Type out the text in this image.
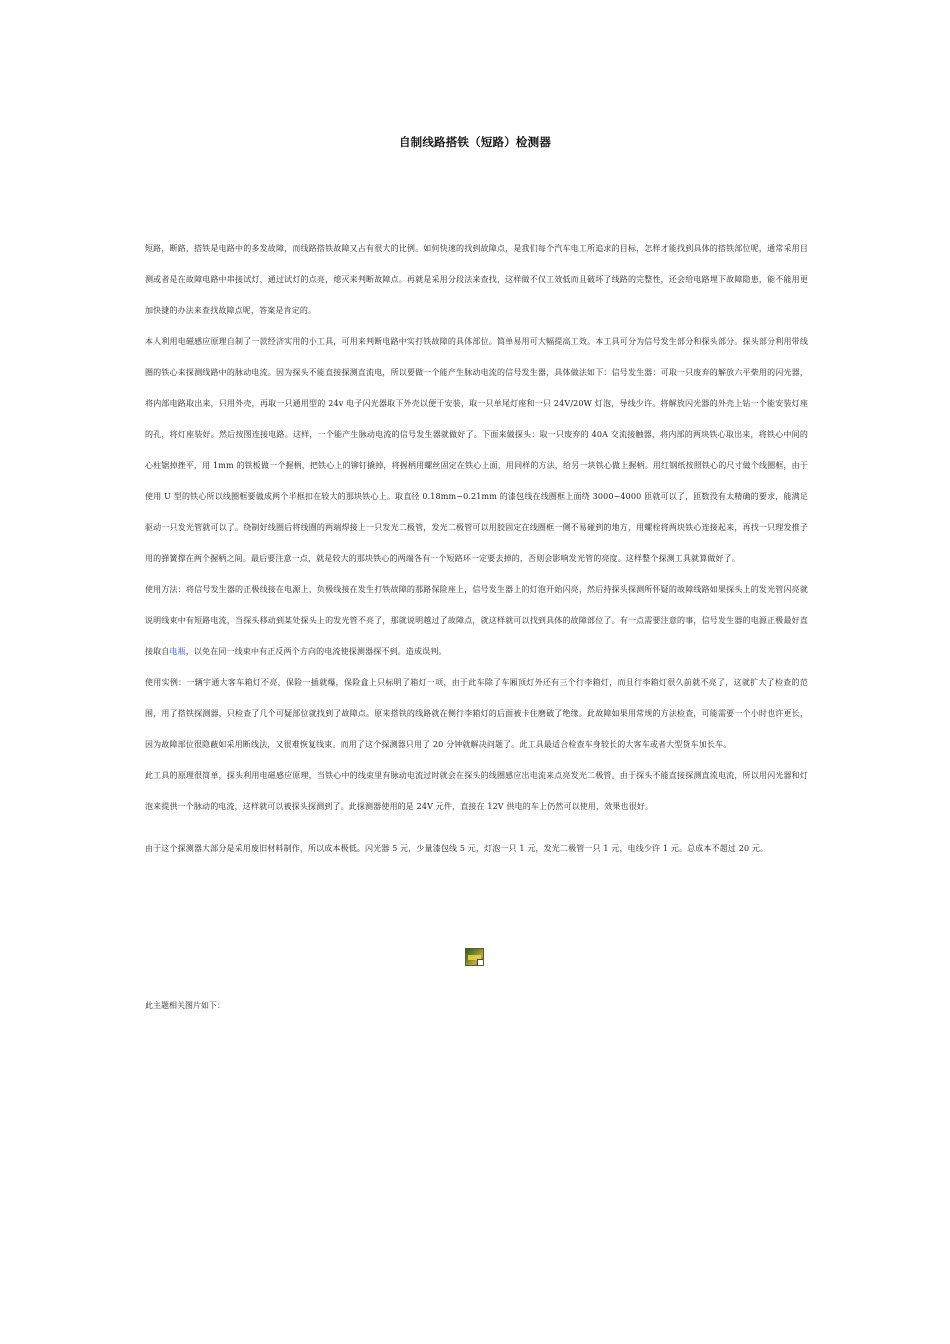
自制线路搭铁（短路）检测器

短路，断路，搭铁是电路中的多发故障，而线路搭铁故障又占有很大的比例。如何快速的找到故障点，是我们每个汽车电工所追求的目标，怎样才能找到具体的搭铁部位呢，通常采用目测或者是在故障电路中串接试灯，通过试灯的点亮，熄灭来判断故障点。再就是采用分段法来查找，这样做不仅工效低而且破坏了线路的完整性，还会给电路埋下故障隐患，能不能用更加快捷的办法来查找故障点呢，答案是肯定的。

本人利用电磁感应原理自制了一款经济实用的小工具，可用来判断电路中实打铁故障的具体部位。简单易用可大幅提高工效。本工具可分为信号发生部分和探头部分。探头部分利用带线圈的铁心来探测线路中的脉动电流。因为探头不能直接探测直流电，所以要做一个能产生脉动电流的信号发生器，具体做法如下：信号发生器：可取一只废弃的解放六平柴用的闪光器，将内部电路取出来，只用外壳，再取一只通用型的 24v 电子闪光器取下外壳以便于安装，取一只单尾灯座和一只 24V/20W 灯泡，导线少许。将解放闪光器的外壳上钻一个能安装灯座的孔，将灯座装好。然后按图连接电路。这样，一个能产生脉动电流的信号发生器就做好了。下面来做探头：取一只废弃的 40A 交流接触器，将内部的两块铁心取出来，将铁心中间的心柱锯掉挫平，用 1mm 的铁板做一个握柄，把铁心上的铆钉撬掉，将握柄用螺丝固定在铁心上面，用同样的方法，给另一块铁心做上握柄。用红钢纸按照铁心的尺寸做个线圈框，由于使用 U 型的铁心所以线圈框要做成两个半框扣在较大的那块铁心上。取直径 0.18mm~0.21mm 的漆包线在线圈框上面绕 3000~4000 匝就可以了，匝数没有太精确的要求，能满足驱动一只发光管就可以了。绕制好线圈后将线圈的两端焊接上一只发光二极管，发光二极管可以用胶固定在线圈框一侧不易碰到的地方，用螺栓将两块铁心连接起来，再找一只理发推子用的弹簧撑在两个握柄之间。最后要注意一点，就是较大的那块铁心的两端各有一个短路环一定要去掉的，否则会影响发光管的亮度。这样整个探测工具就算做好了。

使用方法：将信号发生器的正极线接在电源上，负极线接在发生打铁故障的那路保险座上，信号发生器上的灯泡开始闪亮，然后持探头探测所怀疑的故障线路如果探头上的发光管闪亮就说明线束中有短路电流，当探头移动到某处探头上的发光管不亮了，那就说明越过了故障点，就这样就可以找到具体的故障部位了。有一点需要注意的事，信号发生器的电源正极最好直接取自电瓶，以免在同一线束中有正反两个方向的电流使探测器探不到。造成误判。

使用实例：一辆宇通大客车箱灯不亮，保险一插就爆，保险盒上只标明了箱灯一项，由于此车除了车厢顶灯外还有三个行李箱灯，而且行李箱灯很久前就不亮了，这就扩大了检查的范围，用了搭铁探测器，只检查了几个可疑部位就找到了故障点。原来搭铁的线路就在侧行李箱灯的后面被卡住磨破了绝缘。此故障如果用常规的方法检查，可能需要一个小时也许更长，因为故障部位很隐蔽如采用断线法，又很难恢复线束。而用了这个探测器只用了 20 分钟就解决问题了。此工具最适合检查车身较长的大客车或者大型货车加长车。

此工具的原理很简单，探头利用电磁感应原理，当铁心中的线束里有脉动电流过时就会在探头的线圈感应出电流来点亮发光二极管。由于探头不能直接探测直流电流，所以用闪光器和灯泡来提供一个脉动的电流，这样就可以被探头探测到了。此探测器使用的是 24V 元件，直接在 12V 供电的车上仍然可以使用，效果也很好。

由于这个探测器大部分是采用废旧材料制作，所以成本极低。闪光器 5 元，少量漆包线 5 元，灯泡一只 1 元，发光二极管一只 1 元，电线少许 1 元。总成本不超过 20 元。

此主题相关图片如下：
